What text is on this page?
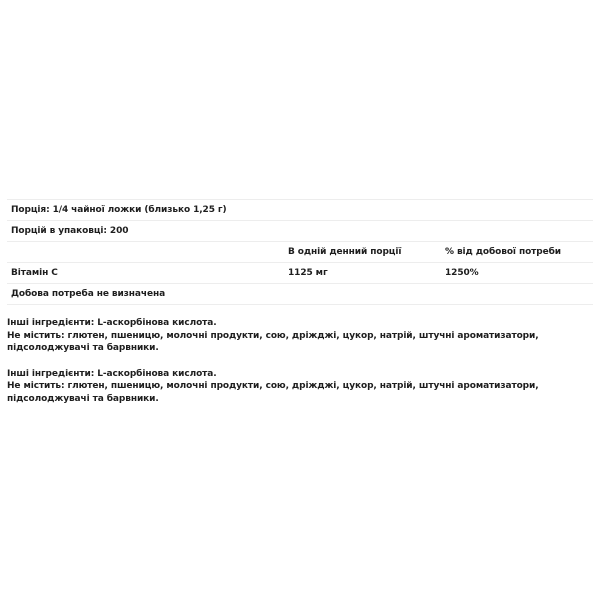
Порція: 1/4 чайної ложки (близько 1,25 г)		
Порцій в упаковці: 200		
	В одній денний порції	% від добової потреби
Вітамін С	1125 мг	1250%
Добова потреба не визначена		

Інші інгредієнти: L-аскорбінова кислота.
Не містить: глютен, пшеницю, молочні продукти, сою, дріжджі, цукор, натрій, штучні ароматизатори, підсолоджувачі та барвники.

Інші інгредієнти: L-аскорбінова кислота.
Не містить: глютен, пшеницю, молочні продукти, сою, дріжджі, цукор, натрій, штучні ароматизатори, підсолоджувачі та барвники.
